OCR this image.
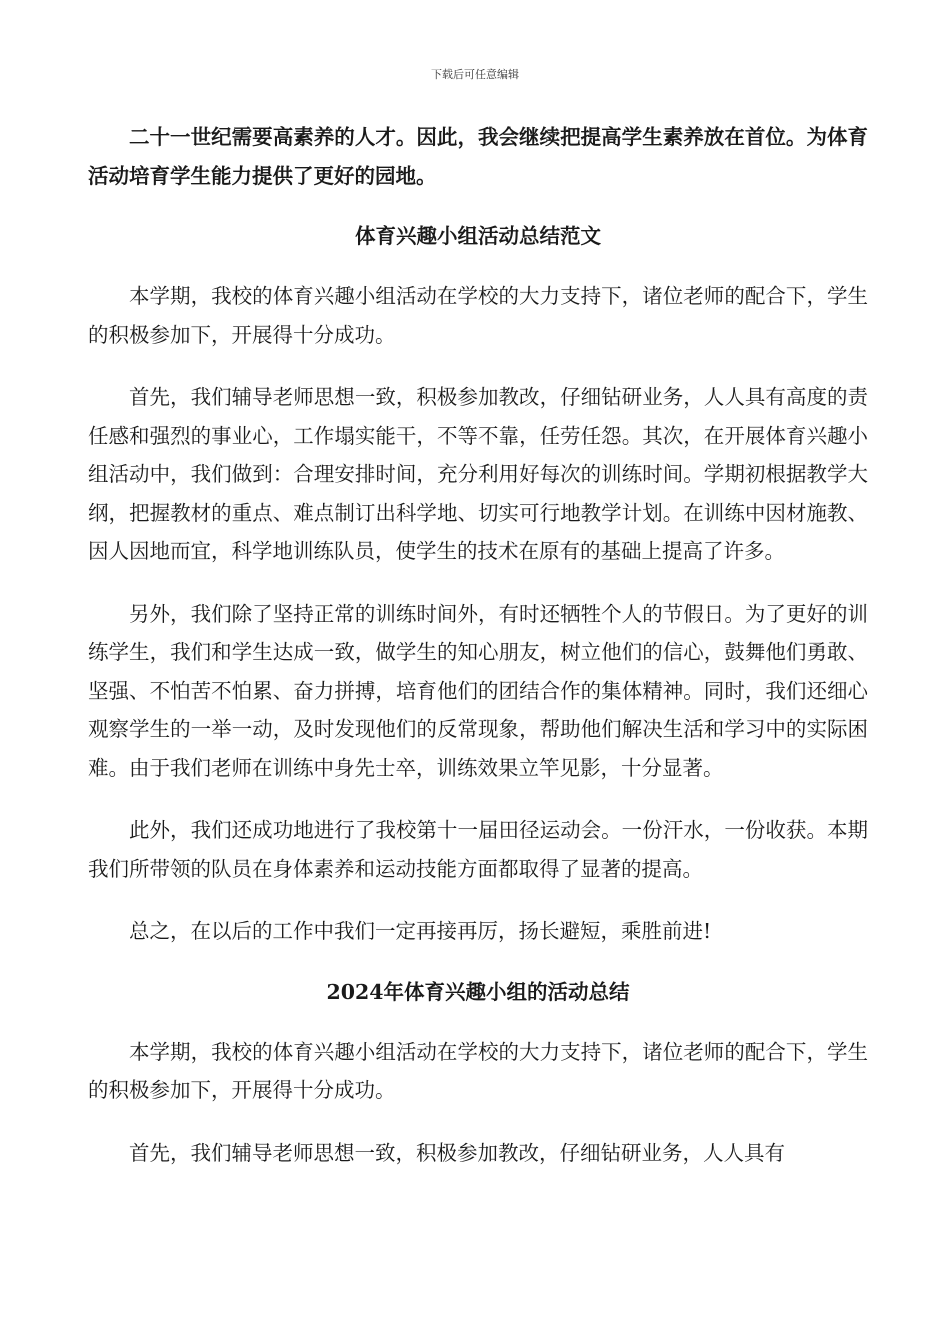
下载后可任意编辑

二十一世纪需要高素养的人才。因此，我会继续把提高学生素养放在首位。为体育活动培育学生能力提供了更好的园地。

体育兴趣小组活动总结范文

本学期，我校的体育兴趣小组活动在学校的大力支持下，诸位老师的配合下，学生的积极参加下，开展得十分成功。

首先，我们辅导老师思想一致，积极参加教改，仔细钻研业务，人人具有高度的责任感和强烈的事业心，工作塌实能干，不等不靠，任劳任怨。其次，在开展体育兴趣小组活动中，我们做到：合理安排时间，充分利用好每次的训练时间。学期初根据教学大纲，把握教材的重点、难点制订出科学地、切实可行地教学计划。在训练中因材施教、因人因地而宜，科学地训练队员，使学生的技术在原有的基础上提高了许多。

另外，我们除了坚持正常的训练时间外，有时还牺牲个人的节假日。为了更好的训练学生，我们和学生达成一致，做学生的知心朋友，树立他们的信心，鼓舞他们勇敢、坚强、不怕苦不怕累、奋力拼搏，培育他们的团结合作的集体精神。同时，我们还细心观察学生的一举一动，及时发现他们的反常现象，帮助他们解决生活和学习中的实际困难。由于我们老师在训练中身先士卒，训练效果立竿见影，十分显著。

此外，我们还成功地进行了我校第十一届田径运动会。一份汗水，一份收获。本期我们所带领的队员在身体素养和运动技能方面都取得了显著的提高。

总之，在以后的工作中我们一定再接再厉，扬长避短，乘胜前进!

2024年体育兴趣小组的活动总结

本学期，我校的体育兴趣小组活动在学校的大力支持下，诸位老师的配合下，学生的积极参加下，开展得十分成功。

首先，我们辅导老师思想一致，积极参加教改，仔细钻研业务，人人具有
